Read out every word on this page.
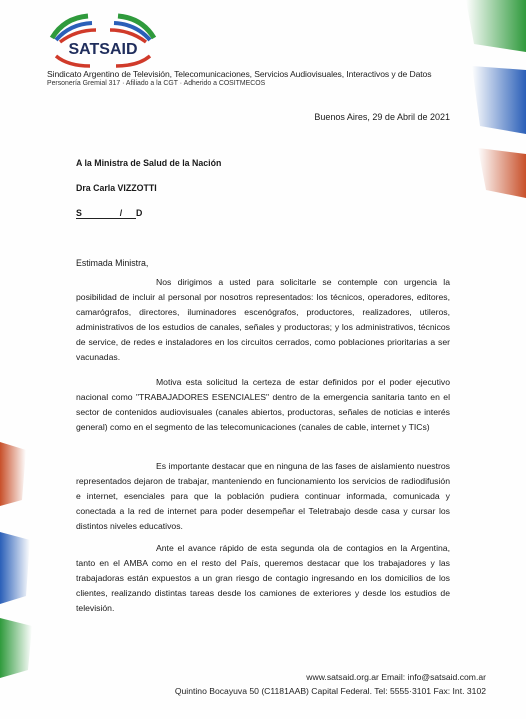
SATSAID
Sindicato Argentino de Televisión, Telecomunicaciones, Servicios Audiovisuales, Interactivos y de Datos
Personería Gremial 317 · Afiliado a la CGT · Adherido a COSITMECOS
Buenos Aires, 29 de Abril de 2021
A la Ministra de Salud de la Nación
Dra Carla VIZZOTTI
S	/	D
Estimada Ministra,

Nos dirigimos a usted para solicitarle se contemple con urgencia la posibilidad de incluir al personal por nosotros representados: los técnicos, operadores, editores, camarógrafos, directores, iluminadores escenógrafos, productores, realizadores, utileros, administrativos de los estudios de canales, señales y productoras; y los administrativos, técnicos de service, de redes e instaladores en los circuitos cerrados, como poblaciones prioritarias a ser vacunadas.

Motiva esta solicitud la certeza de estar definidos por el poder ejecutivo nacional como "TRABAJADORES ESENCIALES" dentro de la emergencia sanitaria tanto en el sector de contenidos audiovisuales (canales abiertos, productoras, señales de noticias e interés general) como en el segmento de las telecomunicaciones (canales de cable, internet y TICs)

Es importante destacar que en ninguna de las fases de aislamiento nuestros representados dejaron de trabajar, manteniendo en funcionamiento los servicios de radiodifusión e internet, esenciales para que la población pudiera continuar informada, comunicada y conectada a la red de internet para poder desempeñar el Teletrabajo desde casa y cursar los distintos niveles educativos.

Ante el avance rápido de esta segunda ola de contagios en la Argentina, tanto en el AMBA como en el resto del País, queremos destacar que los trabajadores y las trabajadoras están expuestos a un gran riesgo de contagio ingresando en los domicilios de los clientes, realizando distintas tareas desde los camiones de exteriores y desde los estudios de televisión.

www.satsaid.org.ar Email: info@satsaid.com.ar
Quintino Bocayuva 50 (C1181AAB) Capital Federal. Tel: 5555·3101 Fax: Int. 3102
